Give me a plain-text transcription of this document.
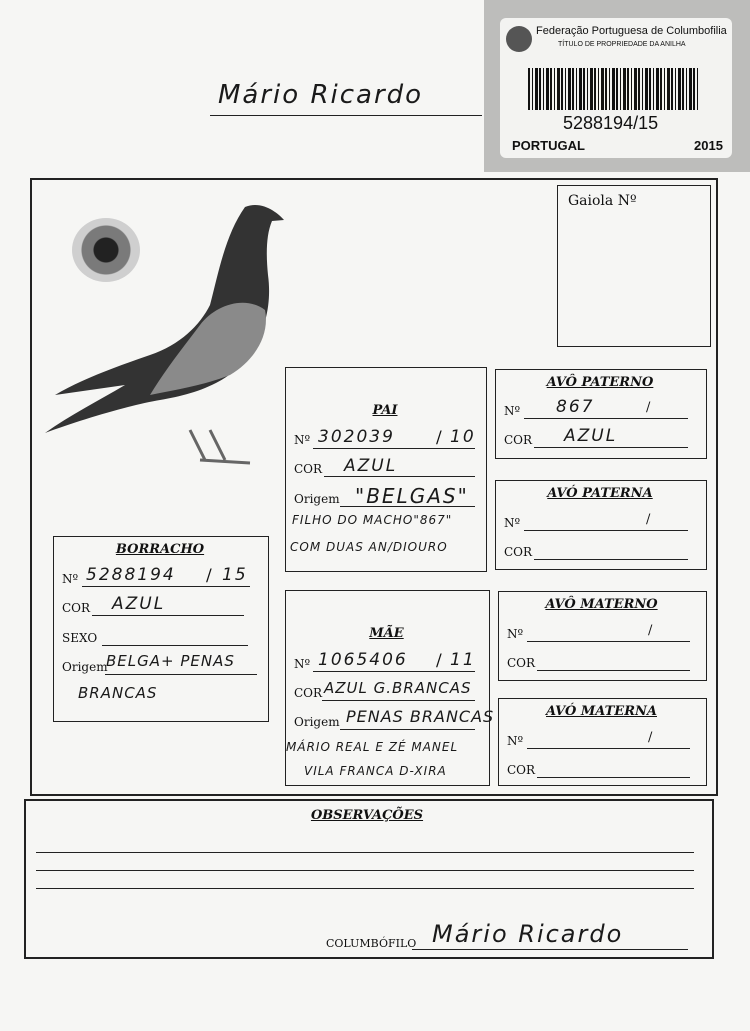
Mário Ricardo
Federação Portuguesa de Columbofilia
TÍTULO DE PROPRIEDADE DA ANILHA
5288194/15
PORTUGAL	2015
Gaiola Nº
PAI
Nº 302039 / 10
COR AZUL
Origem "BELGAS"
FILHO DO MACHO"867"
COM DUAS AN/DIOURO
BORRACHO
Nº 5288194 / 15
COR AZUL
SEXO
Origem
BELGA+ PENAS
BRANCAS
MÃE
Nº 1065406 / 11
COR AZUL G.BRANCAS
Origem PENAS BRANCAS
MÁRIO REAL E ZÉ MANEL
VILA FRANCA D-XIRA
AVÔ PATERNO
Nº 867	/
COR AZUL
AVÓ PATERNA
Nº	/
COR
AVÔ MATERNO
Nº	/
COR
AVÓ MATERNA
Nº	/
COR
OBSERVAÇÕES
COLUMBÓFILO Mário Ricardo
